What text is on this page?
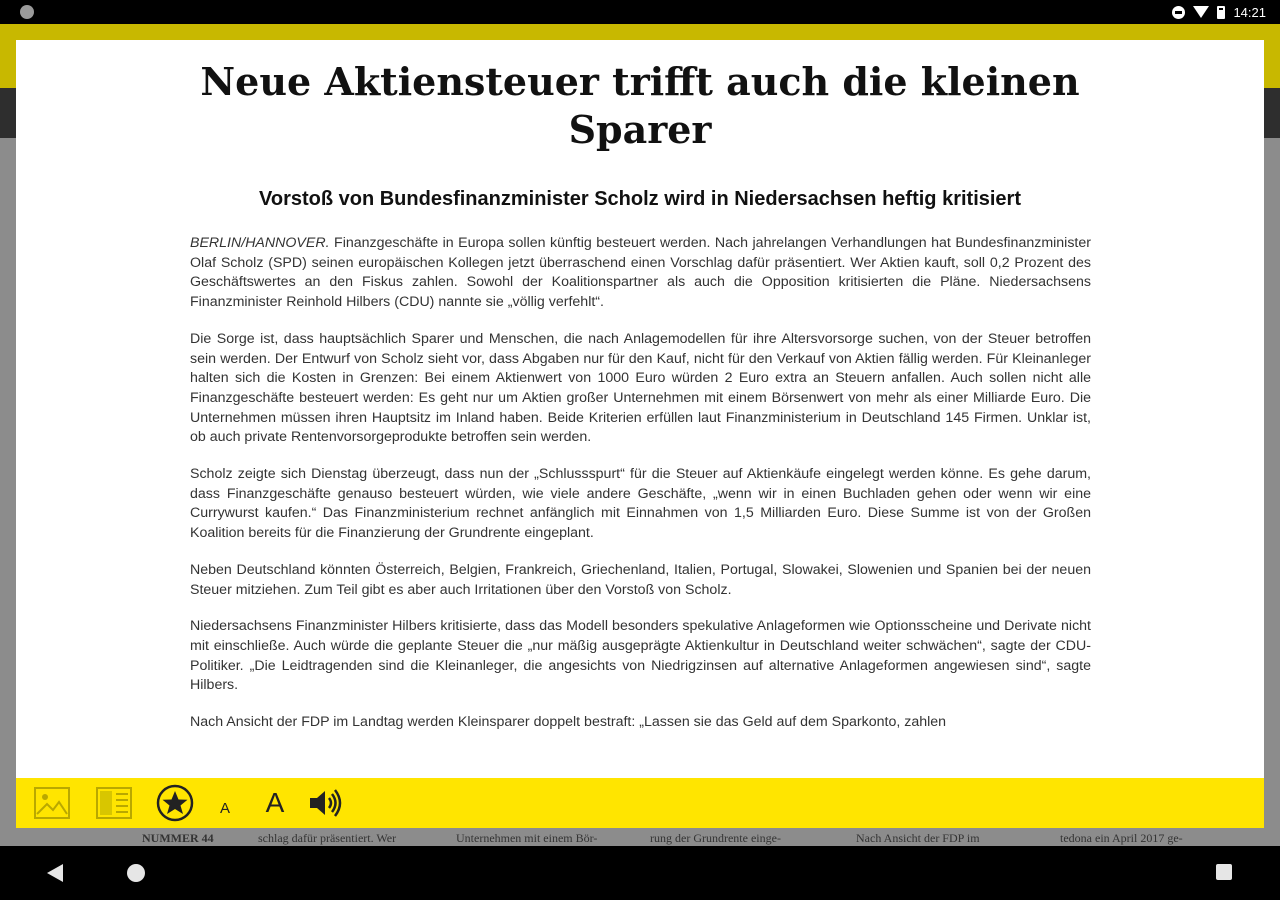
14:21
NUMMER 44	schlag dafür präsentiert. Wer	Unternehmen mit einem Bör-	rung der Grundrente einge-	Nach Ansicht der FDP im	tedona ein April 2017 ge-
Neue Aktiensteuer trifft auch die kleinen Sparer
Vorstoß von Bundesfinanzminister Scholz wird in Niedersachsen heftig kritisiert

BERLIN/HANNOVER. Finanzgeschäfte in Europa sollen künftig besteuert werden. Nach jahrelangen Verhandlungen hat Bundesfinanzminister Olaf Scholz (SPD) seinen europäischen Kollegen jetzt überraschend einen Vorschlag dafür präsentiert. Wer Aktien kauft, soll 0,2 Prozent des Geschäftswertes an den Fiskus zahlen. Sowohl der Koalitionspartner als auch die Opposition kritisierten die Pläne. Niedersachsens Finanzminister Reinhold Hilbers (CDU) nannte sie „völlig verfehlt“.

Die Sorge ist, dass hauptsächlich Sparer und Menschen, die nach Anlagemodellen für ihre Altersvorsorge suchen, von der Steuer betroffen sein werden. Der Entwurf von Scholz sieht vor, dass Abgaben nur für den Kauf, nicht für den Verkauf von Aktien fällig werden. Für Kleinanleger halten sich die Kosten in Grenzen: Bei einem Aktienwert von 1000 Euro würden 2 Euro extra an Steuern anfallen. Auch sollen nicht alle Finanzgeschäfte besteuert werden: Es geht nur um Aktien großer Unternehmen mit einem Börsenwert von mehr als einer Milliarde Euro. Die Unternehmen müssen ihren Hauptsitz im Inland haben. Beide Kriterien erfüllen laut Finanzministerium in Deutschland 145 Firmen. Unklar ist, ob auch private Rentenvorsorgeprodukte betroffen sein werden.

Scholz zeigte sich Dienstag überzeugt, dass nun der „Schlussspurt“ für die Steuer auf Aktienkäufe eingelegt werden könne. Es gehe darum, dass Finanzgeschäfte genauso besteuert würden, wie viele andere Geschäfte, „wenn wir in einen Buchladen gehen oder wenn wir eine Currywurst kaufen.“ Das Finanzministerium rechnet anfänglich mit Einnahmen von 1,5 Milliarden Euro. Diese Summe ist von der Großen Koalition bereits für die Finanzierung der Grundrente eingeplant.

Neben Deutschland könnten Österreich, Belgien, Frankreich, Griechenland, Italien, Portugal, Slowakei, Slowenien und Spanien bei der neuen Steuer mitziehen. Zum Teil gibt es aber auch Irritationen über den Vorstoß von Scholz.

Niedersachsens Finanzminister Hilbers kritisierte, dass das Modell besonders spekulative Anlageformen wie Optionsscheine und Derivate nicht mit einschließe. Auch würde die geplante Steuer die „nur mäßig ausgeprägte Aktienkultur in Deutschland weiter schwächen“, sagte der CDU-Politiker. „Die Leidtragenden sind die Kleinanleger, die angesichts von Niedrigzinsen auf alternative Anlageformen angewiesen sind“, sagte Hilbers.

Nach Ansicht der FDP im Landtag werden Kleinsparer doppelt bestraft: „Lassen sie das Geld auf dem Sparkonto, zahlen

A A
